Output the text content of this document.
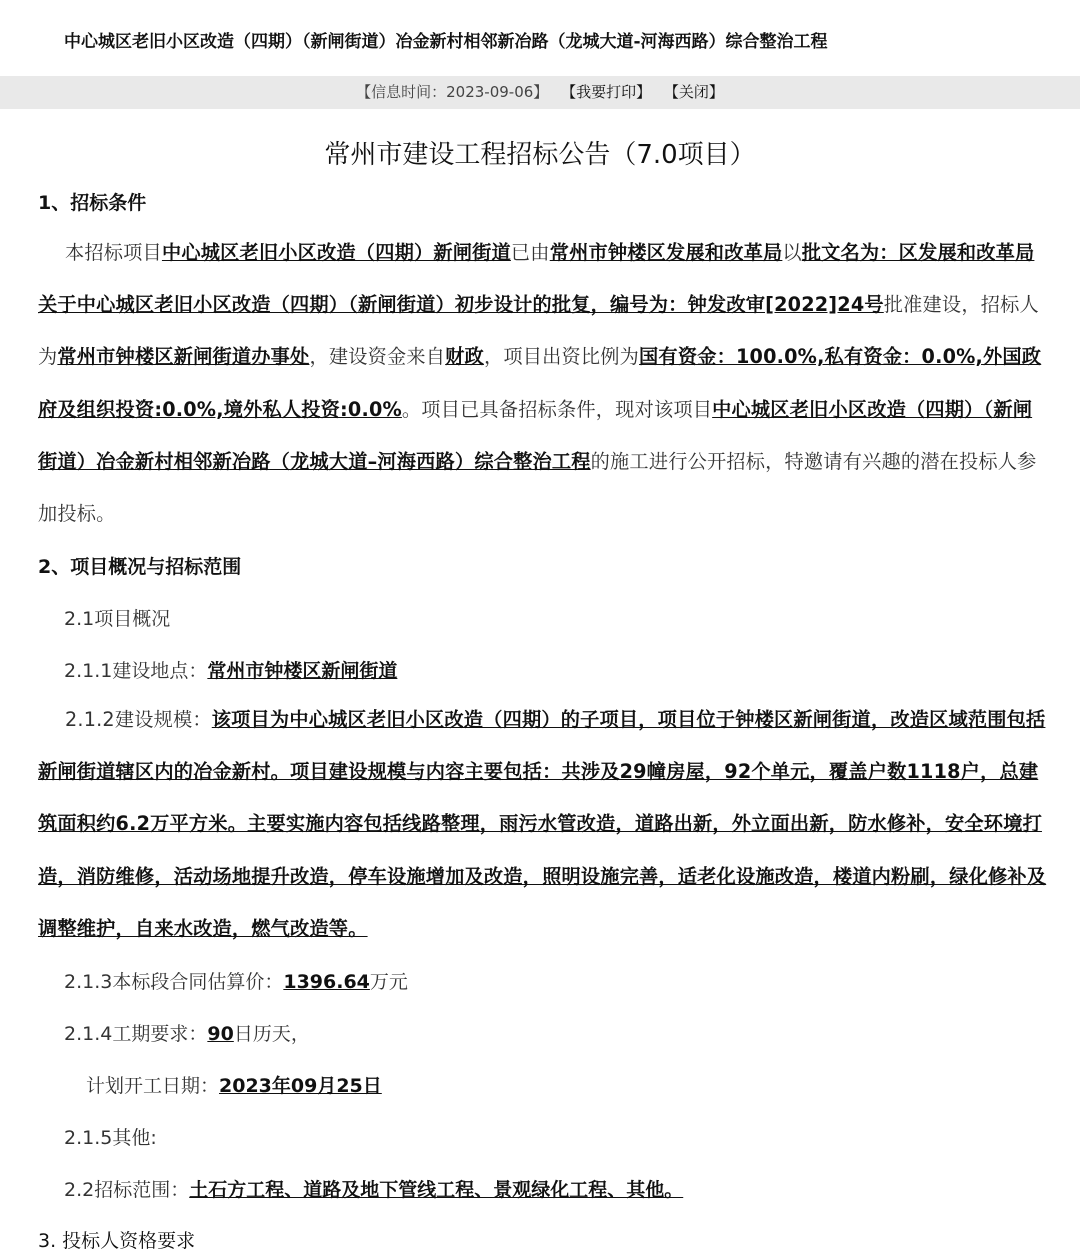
中心城区老旧小区改造（四期）（新闸街道）冶金新村相邻新冶路（龙城大道-河海西路）综合整治工程
【信息时间：2023-09-06】 【我要打印】 【关闭】
常州市建设工程招标公告（7.0项目）
1、招标条件
本招标项目中心城区老旧小区改造（四期）新闸街道已由常州市钟楼区发展和改革局以批文名为：区发展和改革局关于中心城区老旧小区改造（四期）（新闸街道）初步设计的批复，编号为：钟发改审[2022]24号批准建设，招标人为常州市钟楼区新闸街道办事处，建设资金来自财政，项目出资比例为国有资金：100.0%,私有资金：0.0%,外国政府及组织投资:0.0%,境外私人投资:0.0%。项目已具备招标条件，现对该项目中心城区老旧小区改造（四期）（新闸街道）冶金新村相邻新冶路（龙城大道–河海西路）综合整治工程的施工进行公开招标，特邀请有兴趣的潜在投标人参加投标。
2、项目概况与招标范围
2.1项目概况
2.1.1建设地点：常州市钟楼区新闸街道
2.1.2建设规模：该项目为中心城区老旧小区改造（四期）的子项目，项目位于钟楼区新闸街道，改造区域范围包括新闸街道辖区内的冶金新村。项目建设规模与内容主要包括：共涉及29幢房屋，92个单元，覆盖户数1118户，总建筑面积约6.2万平方米。主要实施内容包括线路整理，雨污水管改造，道路出新，外立面出新，防水修补，安全环境打造，消防维修，活动场地提升改造，停车设施增加及改造，照明设施完善，适老化设施改造，楼道内粉刷，绿化修补及调整维护，自来水改造，燃气改造等。
2.1.3本标段合同估算价：1396.64万元
2.1.4工期要求：90日历天，
计划开工日期：2023年09月25日
2.1.5其他:
2.2招标范围：土石方工程、道路及地下管线工程、景观绿化工程、其他。
3. 投标人资格要求
